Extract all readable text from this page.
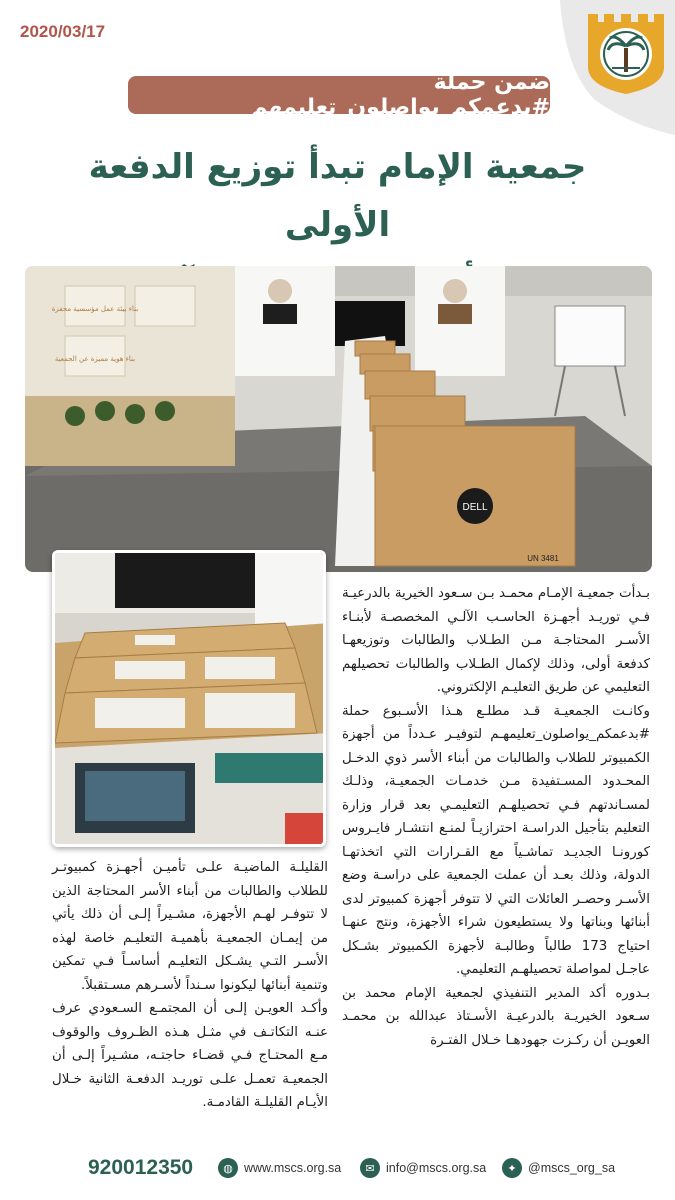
2020/03/17
ضمن حملة #بدعمكم_يواصلون_تعليمهم
جمعية الإمام تبدأ توزيع الدفعة الأولى
بناء بيئة عمل مؤسسية محفزة
بناء هوية مميزة عن الجمعية
DELL
UN 3481

بـدأت جمعيـة الإمـام محمـد بـن سـعود الخيرية بالدرعيـة فـي توريـد أجهـزة الحاسـب الآلـي المخصصـة لأبنـاء الأسـر المحتاجـة مـن الطـلاب والطالبات وتوزيعهـا كدفعة أولى، وذلك لإكمال الطـلاب والطالبات تحصيلهم التعليمي عن طريق التعليـم الإلكتروني.

وكانـت الجمعيـة قـد مطلـع هـذا الأسـبوع حملة #بدعمكم_يواصلون_تعليمهـم لتوفيـر عـدداً من أجهزة الكمبيوتر للطلاب والطالبات من أبناء الأسر ذوي الدخـل المحـدود المسـتفيدة مـن خدمـات الجمعيـة، وذلـك لمسـاندتهم فـي تحصيلهـم التعليمـي بعد قرار وزارة التعليم بتأجيل الدراسـة احترازيـاً لمنـع انتشـار فايـروس كورونـا الجديـد تماشـياً مع القـرارات التي اتخذتهـا الدولة، وذلك بعـد أن عملت الجمعية على دراسـة وضع الأسـر وحصـر العائلات التي لا تتوفر أجهزة كمبيوتر لدى أبنائها وبناتها ولا يستطيعون شراء الأجهزة، ونتج عنهـا احتياج 173 طالباً وطالبـة لأجهزة الكمبيوتر بشـكل عاجـل لمواصلة تحصيلهـم التعليمي.

بـدوره أكد المدير التنفيذي لجمعية الإمام محمد بن سـعود الخيريـة بالدرعيـة الأسـتاذ عبدالله بن محمـد العويـن أن ركـزت جهودهـا خـلال الفتـرة

القليلـة الماضيـة علـى تأميـن أجهـزة كمبيوتـر للطلاب والطالبات من أبناء الأسر المحتاجة الذين لا تتوفـر لهـم الأجهزة، مشـيراً إلـى أن ذلك يأتي من إيمـان الجمعيـة بأهميـة التعليـم خاصة لهذه الأسـر التـي يشـكل التعليـم أساسـاً فـي تمكين وتنمية أبنائها ليكونوا سـنداً لأسـرهم مسـتقبلاً.

وأكـد العويـن إلـى أن المجتمـع السـعودي عرف عنـه التكاتـف في مثـل هـذه الظـروف والوقوف مـع المحتـاج فـي قضـاء حاجتـه، مشـيراً إلـى أن الجمعيـة تعمـل علـى توريـد الدفعـة الثانية خـلال الأيـام القليلـة القادمـة.

920012350	◍ www.mscs.org.sa	✉ info@mscs.org.sa	✦ @mscs_org_sa
